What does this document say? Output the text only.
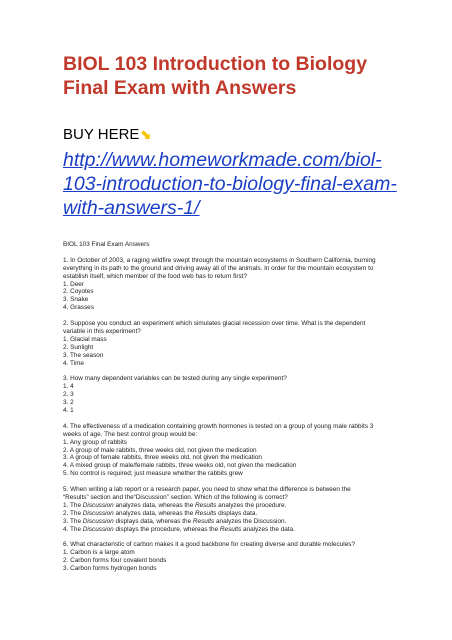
BIOL 103 Introduction to Biology
Final Exam with Answers
BUY HERE⬊
http://www.homeworkmade.com/biol-
103-introduction-to-biology-final-exam-
with-answers-1/
BIOL 103 Final Exam Answers
1. In October of 2003, a raging wildfire swept through the mountain ecosystems in Southern California, burning
everything in its path to the ground and driving away all of the animals. In order for the mountain ecosystem to
establish itself, which member of the food web has to return first?
1. Deer
2. Coyotes
3. Snake
4. Grasses
2. Suppose you conduct an experiment which simulates glacial recession over time. What is the dependent
variable in this experiment?
1. Glacial mass
2. Sunlight
3. The season
4. Time
3. How many dependent variables can be tested during any single experiment?
1. 4
2. 3
3. 2
4. 1
4. The effectiveness of a medication containing growth hormones is tested on a group of young male rabbits 3
weeks of age. The best control group would be:
1. Any group of rabbits
2. A group of male rabbits, three weeks old, not given the medication
3. A group of female rabbits, three weeks old, not given the medication
4. A mixed group of male/female rabbits, three weeks old, not given the medication
5. No control is required; just measure whether the rabbits grew
5. When writing a lab report or a research paper, you need to show what the difference is between the
“Results” section and the“Discussion” section. Which of the following is correct?
1. The Discussion analyzes data, whereas the Results analyzes the procedure.
2. The Discussion analyzes data, whereas the Results displays data.
3. The Discussion displays data, whereas the Results analyzes the Discussion.
4. The Discussion displays the procedure, whereas the Results analyzes the data.
6. What characteristic of carbon makes it a good backbone for creating diverse and durable molecules?
1. Carbon is a large atom
2. Carbon forms four covalent bonds
3. Carbon forms hydrogen bonds
